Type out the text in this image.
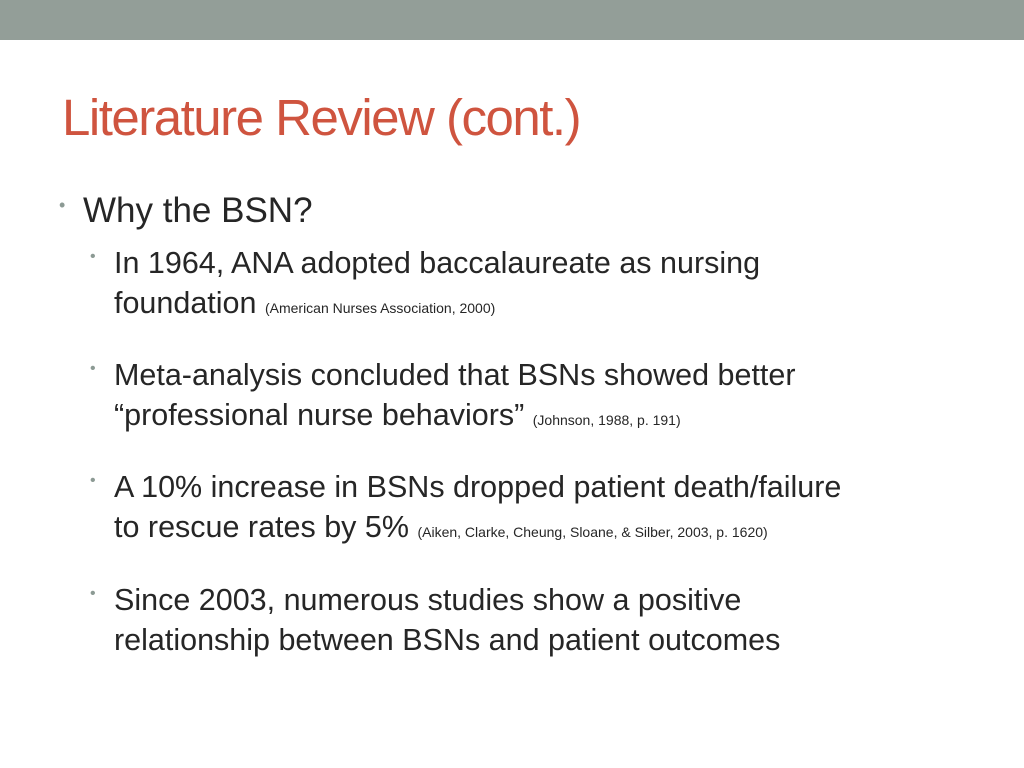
Literature Review (cont.)
• Why the BSN?
• In 1964, ANA adopted baccalaureate as nursing
foundation (American Nurses Association, 2000)
• Meta-analysis concluded that BSNs showed better
“professional nurse behaviors” (Johnson, 1988, p. 191)
• A 10% increase in BSNs dropped patient death/failure
to rescue rates by 5% (Aiken, Clarke, Cheung, Sloane, & Silber, 2003, p. 1620)
• Since 2003, numerous studies show a positive
relationship between BSNs and patient outcomes
